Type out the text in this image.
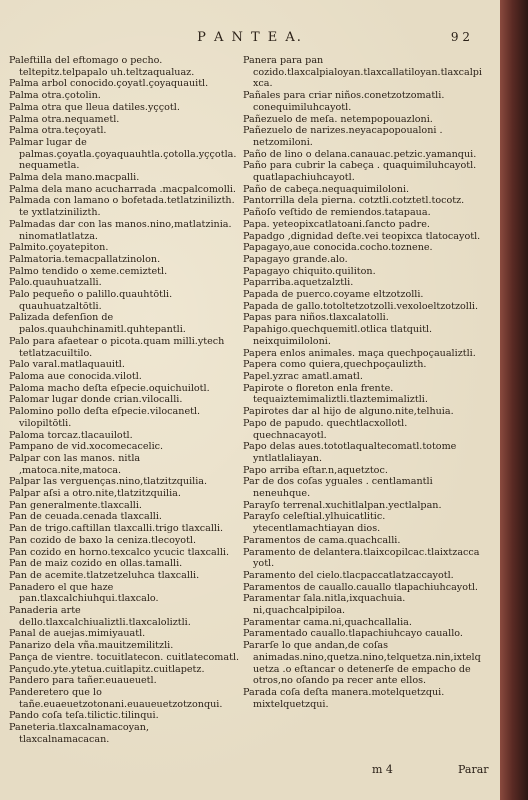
P A N T E A.	9 2
Paleftilla del eftomago o pecho. teltepitz.telpapalo uh.teltzaqualuaz.
Palma arbol conocido.çoyatl.çoyaquauitl.
Palma otra.çotolin.
Palma otra que lleua datiles.yççotl.
Palma otra.nequametl.
Palma otra.teçoyatl.
Palmar lugar de palmas.çoyatla.çoyaquauhtla.çotolla.yççotla.nequametla.
Palma dela mano.macpalli.
Palma dela mano acucharrada .macpalcomolli.
Palmada con lamano o bofetada.tetlatzinilizth. te yxtlatzinilizth.
Palmadas dar con las manos.nino,matlatzinia. ninomatlatlatza.
Palmito.çoyatepiton.
Palmatoria.temacpallatzinolon.
Palmo tendido o xeme.cemiztetl.
Palo.quauhuatzalli.
Palo pequeño o palillo.quauhtōtli. quauhuatzaltōtli.
Palizada defenſion de palos.quauhchinamitl.quhtepantli.
Palo para afaetear o picota.quam milli.ytech tetlatzacuiltilo.
Palo varal.matlaquauitl.
Paloma aue conocida.vilotl.
Paloma macho deſta eſpecie.oquichuilotl.
Palomar lugar donde crian.vilocalli.
Palomino pollo deſta eſpecie.vilocanetl. vilopiltōtli.
Paloma torcaz.tlacauilotl.
Pampano de vid.xocomecacelic.
Palpar con las manos. nitla ,matoca.nite,matoca.
Palpar las verguenças.nino,tlatzitzquilia.
Palpar aſsi a otro.nite,tlatzitzquilia.
Pan generalmente.tlaxcalli.
Pan de ceuada.cenada tlaxcalli.
Pan de trigo.caftillan tlaxcalli.trigo tlaxcalli.
Pan cozido de baxo la ceniza.tlecoyotl.
Pan cozido en horno.texcalco ycucic tlaxcalli.
Pan de maiz cozido en ollas.tamalli.
Pan de acemite.tlatzetzeluhca tlaxcalli.
Panadero el que haze pan.tlaxcalchiuhqui.tlaxcalo.
Panaderia arte dello.tlaxcalchiualiztli.tlaxcaloliztli.
Panal de auejas.mimiyauatl.
Panarizo dela vña.mauitzemilitzli.
Pança de vientre. tocuitlatecon. cuitlatecomatl.
Pançudo.yte.ytetua.cuitlapitz.cuitlapetz.
Pandero para tañer.euaueuetl.
Panderetero que lo tañe.euaeuetzotonani.euaueuetzotzonqui.
Pando coſa teſa.tilictic.tilinqui.
Paneteria.tlaxcalnamacoyan, tlaxcalnamacacan.
Panera para pan cozido.tlaxcalpialoyan.tlaxcallatiloyan.tlaxcalpixca.
Pañales para criar niños.conetzotzomatli. conequimiluhcayotl.
Pañezuelo de meſa. netempopouazloni.
Pañezuelo de narizes.neyacapopoualoni . netzomiloni.
Paño de lino o delana.canauac.petzic.yamanqui.
Paño para cubrir la cabeça . quaquimiluhcayotl. quatlapachiuhcayotl.
Paño de cabeça.nequaquimiloloni.
Pantorrilla dela pierna. cotztli.cotztetl.tocotz.
Pañoſo veſtido de remiendos.tatapaua.
Papa. yeteopixcatlatoani.ſancto padre.
Papadgo ,dignidad deſte.vei teopixca tlatocayotl.
Papagayo,aue conocida.cocho.toznene.
Papagayo grande.alo.
Papagayo chiquito.quiliton.
Paparriba.aquetzalztli.
Papada de puerco.coyame eltzotzolli.
Papada de gallo.totoltetzotzolli.vexoloeltzotzolli.
Papas para niños.tlaxcalatolli.
Papahigo.quechquemitl.otlica tlatquitl. neixquimiloloni.
Papera enlos animales. maça quechpoçaualiztli.
Papera como quiera,quechpoçaulizth.
Papel.yzrac amatl.amatl.
Papirote o floreton enla frente. tequaiztemimaliztli.tlaztemimaliztli.
Papirotes dar al hijo de alguno.nite,telhuia.
Papo de papudo. quechtlacxollotl. quechnacayotl.
Papo delas aues.tototlaqualtecomatl.totome yntlatlaliayan.
Papo arriba eſtar.n,aquetztoc.
Par de dos coſas yguales . centlamantli neneuhque.
Parayſo terrenal.xuchitlalpan.yectlalpan.
Parayſo celeſtial.ylhuicatlitic. ytecentlamachtiayan dios.
Paramentos de cama.quachcalli.
Paramento de delantera.tlaixcopilcac.tlaixtzacca yotl.
Paramento del cielo.tlacpaccatlatzaccayotl.
Paramentos de cauallo.cauallo tlapachiuhcayotl.
Paramentar ſala.nitla,ixquachuia. ni,quachcalpipiloa.
Paramentar cama.ni,quachcallalia.
Paramentado cauallo.tlapachiuhcayo cauallo.
Pararſe lo que andan,de coſas animadas.nino,quetza.nino,telquetza.nin,ixtelquetza .o eſtancar o detenerſe de empacho de otros,no oſando pa recer ante ellos.
Parada coſa deſta manera.motelquetzqui. mixtelquetzqui.
m 4	Parar
